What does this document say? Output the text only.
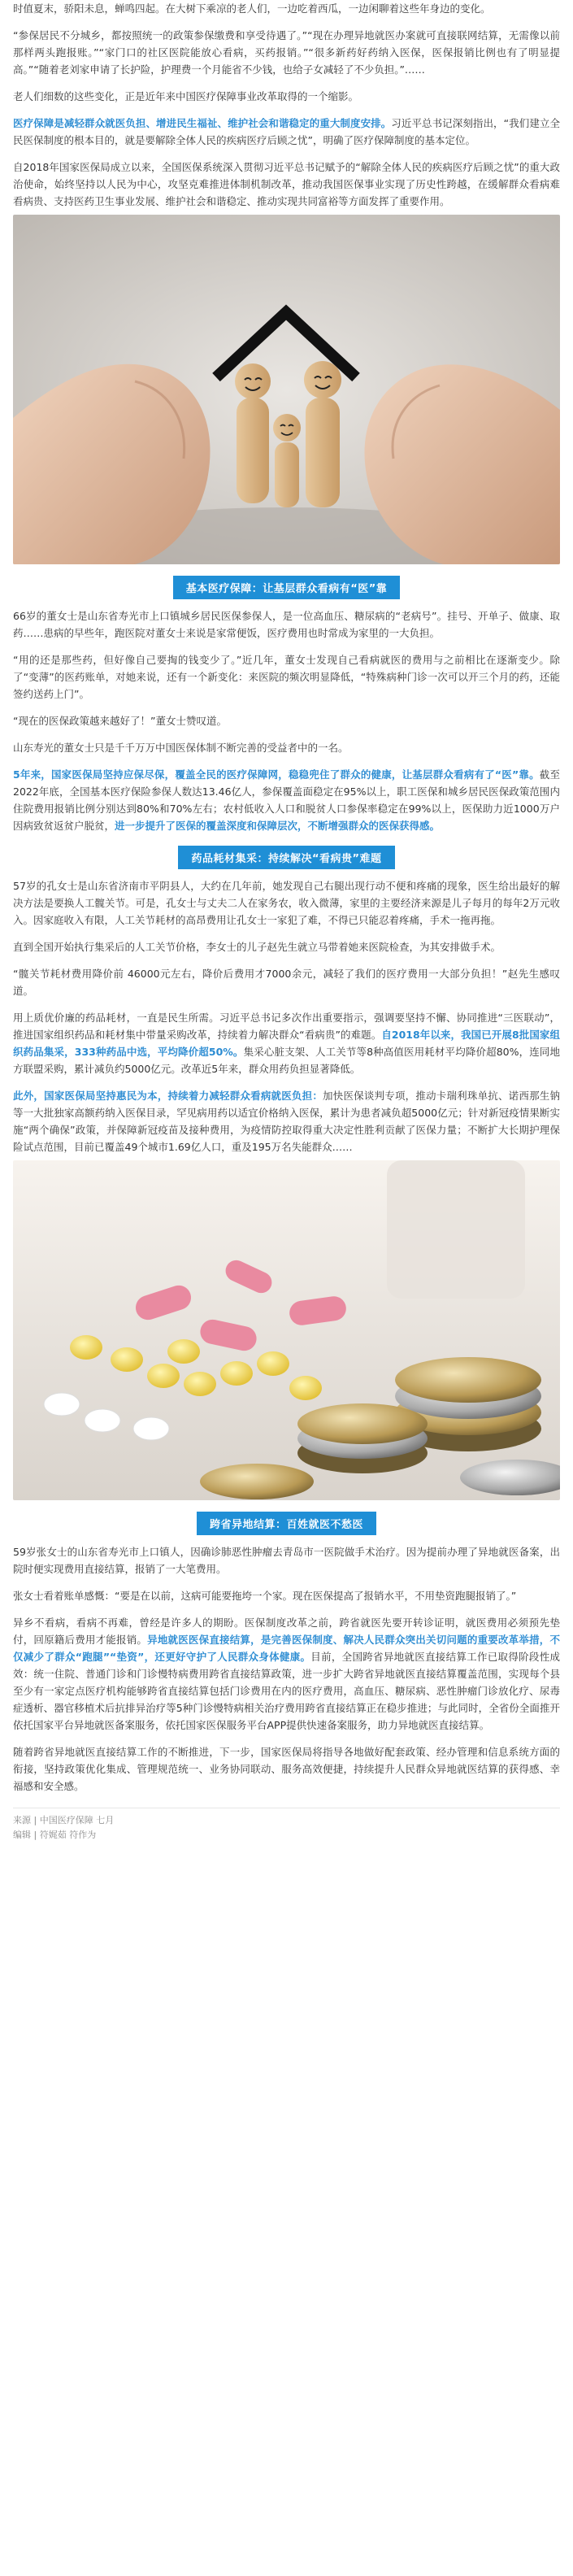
时值夏末，骄阳未息，蝉鸣四起。在大树下乘凉的老人们，一边吃着西瓜，一边闲聊着这些年身边的变化。

“参保居民不分城乡，都按照统一的政策参保缴费和享受待遇了。”“现在办理异地就医办案就可直接联网结算，无需像以前那样两头跑报账。”“家门口的社区医院能放心看病，买药报销。”“很多新药好药纳入医保，医保报销比例也有了明显提高。”“随着老刘家申请了长护险，护理费一个月能省不少钱，也给子女减轻了不少负担。”……

老人们细数的这些变化，正是近年来中国医疗保障事业改革取得的一个缩影。

医疗保障是减轻群众就医负担、增进民生福祉、维护社会和谐稳定的重大制度安排。习近平总书记深刻指出，“我们建立全民医保制度的根本目的，就是要解除全体人民的疾病医疗后顾之忧”，明确了医疗保障制度的基本定位。

自2018年国家医保局成立以来，全国医保系统深入贯彻习近平总书记赋予的“解除全体人民的疾病医疗后顾之忧”的重大政治使命，始终坚持以人民为中心，攻坚克难推进体制机制改革，推动我国医保事业实现了历史性跨越，在缓解群众看病难看病贵、支持医药卫生事业发展、维护社会和谐稳定、推动实现共同富裕等方面发挥了重要作用。

基本医疗保障：让基层群众看病有“医”靠

66岁的董女士是山东省寿光市上口镇城乡居民医保参保人，是一位高血压、糖尿病的“老病号”。挂号、开单子、做康、取药……患病的早些年，跑医院对董女士来说是家常便饭，医疗费用也时常成为家里的一大负担。

“用的还是那些药，但好像自己要掏的钱变少了。”近几年，董女士发现自己看病就医的费用与之前相比在逐渐变少。除了“变薄”的医药账单，对她来说，还有一个新变化：来医院的频次明显降低，“特殊病种门诊一次可以开三个月的药，还能签约送药上门”。

“现在的医保政策越来越好了！”董女士赞叹道。

山东寿光的董女士只是千千万万中国医保体制不断完善的受益者中的一名。

5年来，国家医保局坚持应保尽保，覆盖全民的医疗保障网，稳稳兜住了群众的健康，让基层群众看病有了“医”靠。截至2022年底，全国基本医疗保险参保人数达13.46亿人，参保覆盖面稳定在95%以上，职工医保和城乡居民医保政策范围内住院费用报销比例分别达到80%和70%左右；农村低收入人口和脱贫人口参保率稳定在99%以上，医保助力近1000万户因病致贫返贫户脱贫，进一步提升了医保的覆盖深度和保障层次，不断增强群众的医保获得感。

药品耗材集采：持续解决“看病贵”难题

57岁的孔女士是山东省济南市平阴县人，大约在几年前，她发现自己右腿出现行动不便和疼痛的现象，医生给出最好的解决方法是要换人工髋关节。可是，孔女士与丈夫二人在家务农，收入微薄，家里的主要经济来源是儿子每月的每年2万元收入。因家庭收入有限，人工关节耗材的高昂费用让孔女士一家犯了难，不得已只能忍着疼痛，手术一拖再拖。

直到全国开始执行集采后的人工关节价格，李女士的儿子赵先生就立马带着她来医院检查，为其安排做手术。

“髋关节耗材费用降价前 46000元左右，降价后费用才7000余元，减轻了我们的医疗费用一大部分负担！”赵先生感叹道。

用上质优价廉的药品耗材，一直是民生所需。习近平总书记多次作出重要指示，强调要坚持不懈、协同推进“三医联动”，推进国家组织药品和耗材集中带量采购改革，持续着力解决群众“看病贵”的难题。自2018年以来，我国已开展8批国家组织药品集采，333种药品中选，平均降价超50%。集采心脏支架、人工关节等8种高值医用耗材平均降价超80%，连同地方联盟采购，累计减负约5000亿元。改革近5年来，群众用药负担显著降低。

此外，国家医保局坚持惠民为本，持续着力减轻群众看病就医负担：加快医保谈判专项，推动卡瑞利珠单抗、诺西那生钠等一大批独家高额药纳入医保目录，罕见病用药以适宜价格纳入医保，累计为患者减负超5000亿元；针对新冠疫情果断实施“两个确保”政策，并保障新冠疫苗及接种费用，为疫情防控取得重大决定性胜利贡献了医保力量；不断扩大长期护理保险试点范围，目前已覆盖49个城市1.69亿人口，重及195万名失能群众……

跨省异地结算：百姓就医不愁医

59岁张女士的山东省寿光市上口镇人，因确诊肺恶性肿瘤去青岛市一医院做手术治疗。因为提前办理了异地就医备案，出院时便实现费用直接结算，报销了一大笔费用。

张女士看着账单感慨：“要是在以前，这病可能要拖垮一个家。现在医保提高了报销水平，不用垫资跑腿报销了。”

异乡不看病，看病不再难，曾经是许多人的期盼。医保制度改革之前，跨省就医先要开转诊证明，就医费用必须预先垫付，回原籍后费用才能报销。异地就医医保直接结算，是完善医保制度、解决人民群众突出关切问题的重要改革举措，不仅减少了群众“跑腿”“垫资”，还更好守护了人民群众身体健康。目前，全国跨省异地就医直接结算工作已取得阶段性成效：统一住院、普通门诊和门诊慢特病费用跨省直接结算政策，进一步扩大跨省异地就医直接结算覆盖范围，实现每个县至少有一家定点医疗机构能够跨省直接结算包括门诊费用在内的医疗费用，高血压、糖尿病、恶性肿瘤门诊放化疗、尿毒症透析、器官移植术后抗排异治疗等5种门诊慢特病相关治疗费用跨省直接结算正在稳步推进；与此同时，全省份全面推开依托国家平台异地就医备案服务，依托国家医保服务平台APP提供快速备案服务，助力异地就医直接结算。

随着跨省异地就医直接结算工作的不断推进，下一步，国家医保局将指导各地做好配套政策、经办管理和信息系统方面的衔接，坚持政策优化集成、管理规范统一、业务协同联动、服务高效便捷，持续提升人民群众异地就医结算的获得感、幸福感和安全感。

来源 | 中国医疗保障 七月
编辑 | 符娓茹 符作为
